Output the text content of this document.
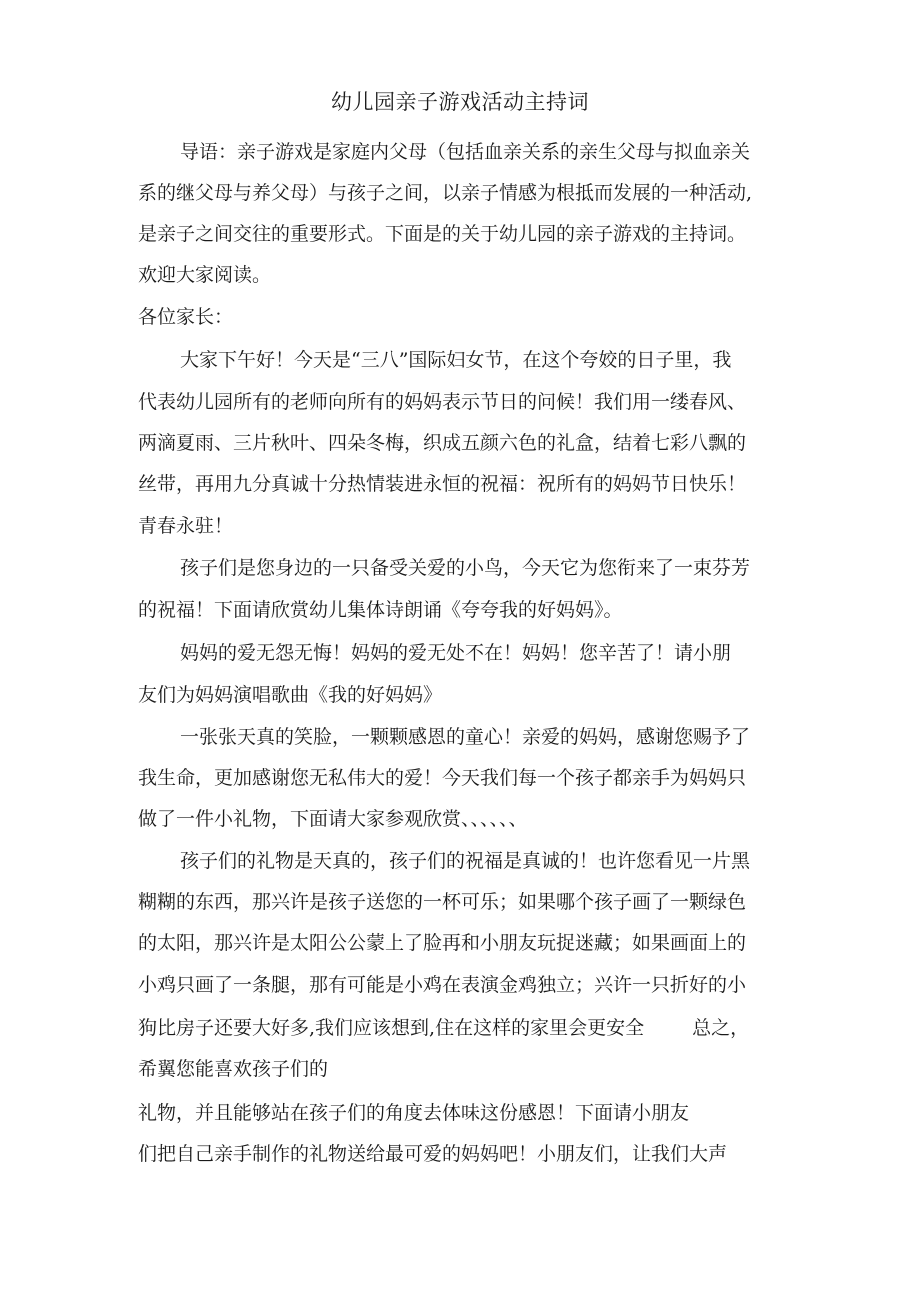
幼儿园亲子游戏活动主持词
导语：亲子游戏是家庭内父母（包括血亲关系的亲生父母与拟血亲关
系的继父母与养父母）与孩子之间，以亲子情感为根抵而发展的一种活动,
是亲子之间交往的重要形式。下面是的关于幼儿园的亲子游戏的主持词。
欢迎大家阅读。
各位家长：
大家下午好！今天是“三八”国际妇女节，在这个夸姣的日子里，我
代表幼儿园所有的老师向所有的妈妈表示节日的问候！我们用一缕春风、
两滴夏雨、三片秋叶、四朵冬梅，织成五颜六色的礼盒，结着七彩八飘的
丝带，再用九分真诚十分热情装进永恒的祝福：祝所有的妈妈节日快乐！
青春永驻！
孩子们是您身边的一只备受关爱的小鸟，今天它为您衔来了一束芬芳
的祝福！下面请欣赏幼儿集体诗朗诵《夸夸我的好妈妈》。
妈妈的爱无怨无悔！妈妈的爱无处不在！妈妈！您辛苦了！请小朋
友们为妈妈演唱歌曲《我的好妈妈》
一张张天真的笑脸，一颗颗感恩的童心！亲爱的妈妈，感谢您赐予了
我生命，更加感谢您无私伟大的爱！今天我们每一个孩子都亲手为妈妈只
做了一件小礼物，下面请大家参观欣赏、、、、、、
孩子们的礼物是天真的，孩子们的祝福是真诚的！也许您看见一片黑
糊糊的东西，那兴许是孩子送您的一杯可乐；如果哪个孩子画了一颗绿色
的太阳，那兴许是太阳公公蒙上了脸再和小朋友玩捉迷藏；如果画面上的
小鸡只画了一条腿，那有可能是小鸡在表演金鸡独立；兴许一只折好的小
狗比房子还要大好多,我们应该想到,住在这样的家里会更安全	总之，
希翼您能喜欢孩子们的
礼物，并且能够站在孩子们的角度去体味这份感恩！下面请小朋友
们把自己亲手制作的礼物送给最可爱的妈妈吧！小朋友们，让我们大声
